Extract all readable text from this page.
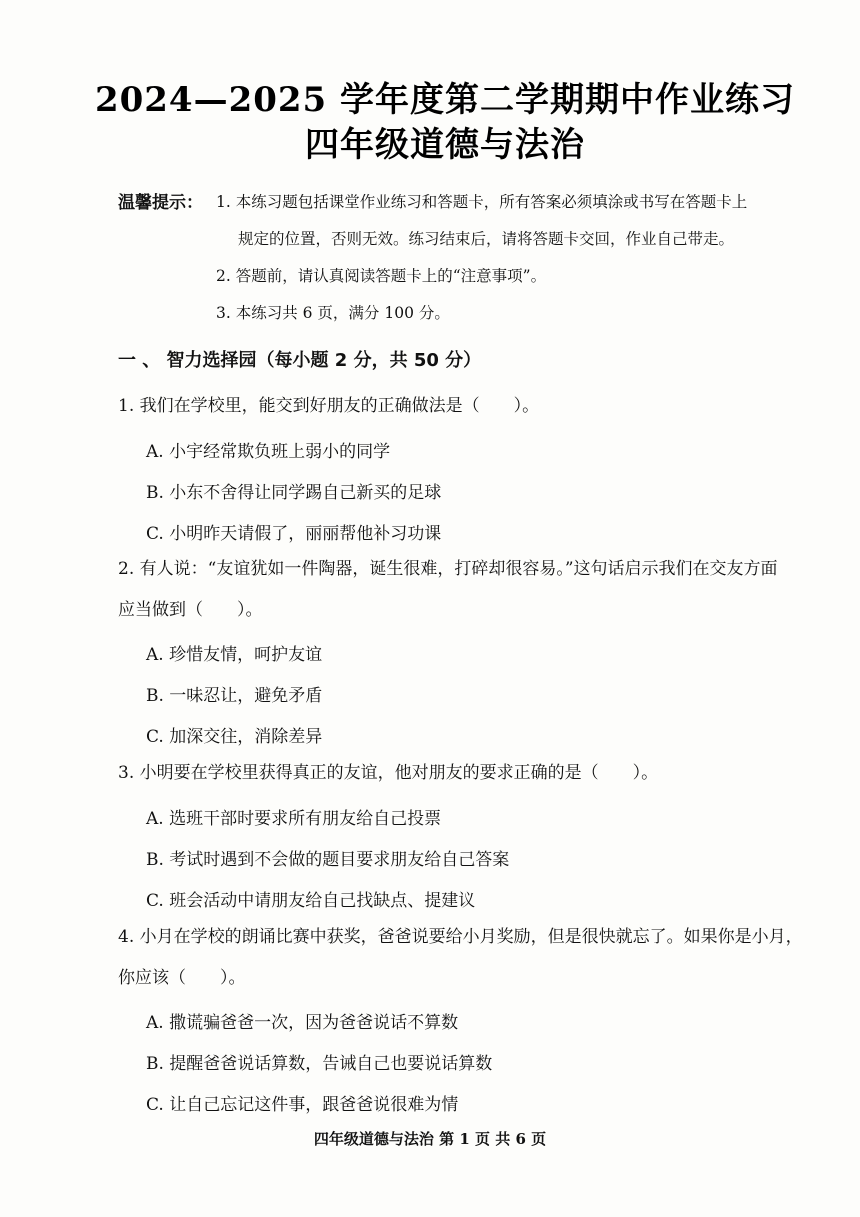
2024—2025 学年度第二学期期中作业练习
四年级道德与法治
温馨提示： 1. 本练习题包括课堂作业练习和答题卡，所有答案必须填涂或书写在答题卡上
规定的位置，否则无效。练习结束后，请将答题卡交回，作业自己带走。
2. 答题前，请认真阅读答题卡上的“注意事项”。
3. 本练习共 6 页，满分 100 分。
一 、 智力选择园（每小题 2 分，共 50 分）
1. 我们在学校里，能交到好朋友的正确做法是（　　）。
A. 小宇经常欺负班上弱小的同学
B. 小东不舍得让同学踢自己新买的足球
C. 小明昨天请假了，丽丽帮他补习功课
2. 有人说：“友谊犹如一件陶器，诞生很难，打碎却很容易。”这句话启示我们在交友方面
应当做到（　　）。
A. 珍惜友情，呵护友谊
B. 一味忍让，避免矛盾
C. 加深交往，消除差异
3. 小明要在学校里获得真正的友谊，他对朋友的要求正确的是（　　）。
A. 选班干部时要求所有朋友给自己投票
B. 考试时遇到不会做的题目要求朋友给自己答案
C. 班会活动中请朋友给自己找缺点、提建议
4. 小月在学校的朗诵比赛中获奖，爸爸说要给小月奖励，但是很快就忘了。如果你是小月，
你应该（　　）。
A. 撒谎骗爸爸一次，因为爸爸说话不算数
B. 提醒爸爸说话算数，告诫自己也要说话算数
C. 让自己忘记这件事，跟爸爸说很难为情
四年级道德与法治 第 1 页 共 6 页
